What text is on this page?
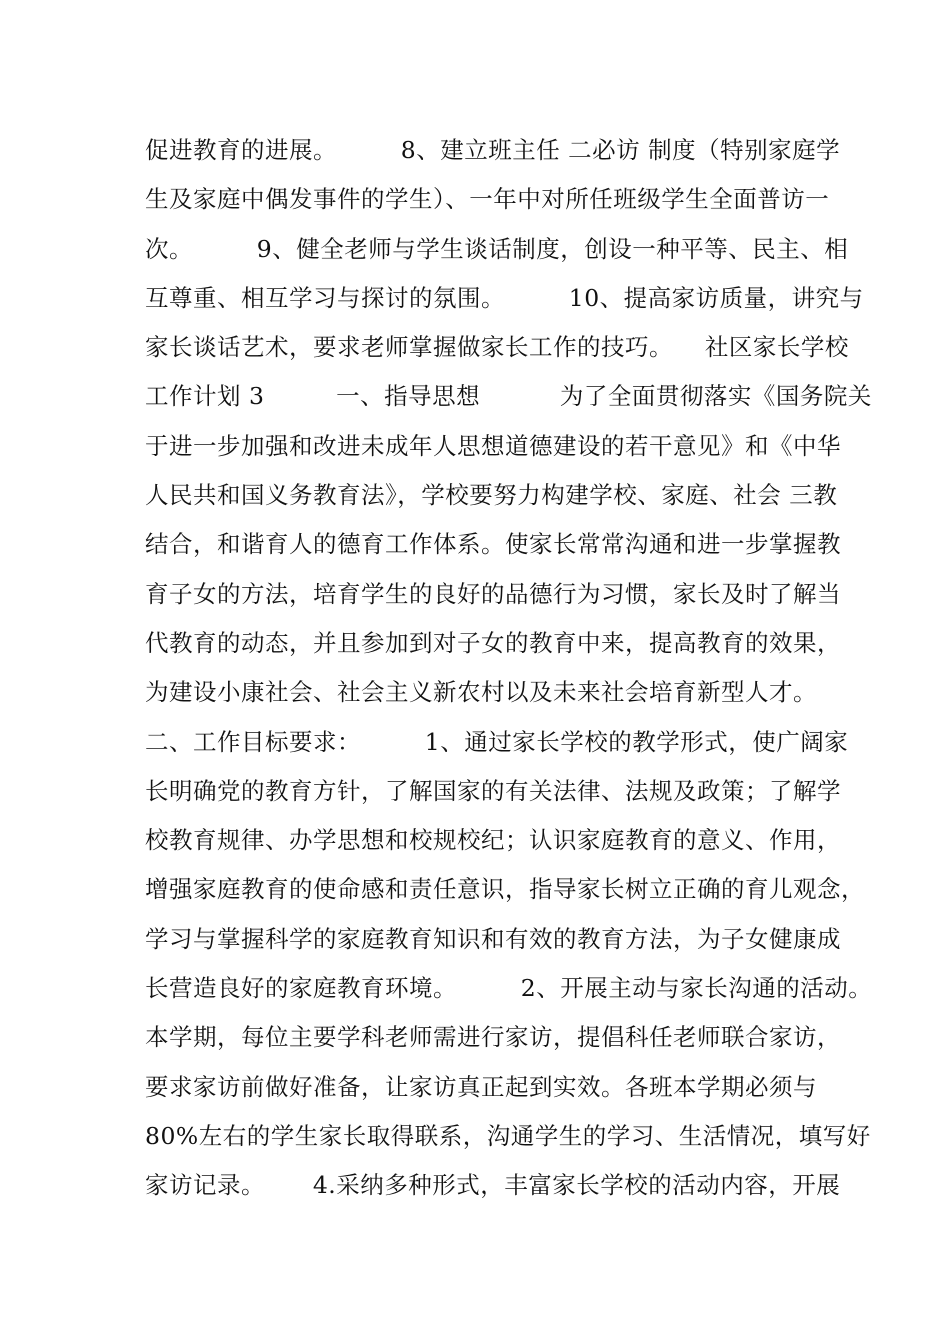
促进教育的进展。        8、建立班主任 二必访 制度（特别家庭学
生及家庭中偶发事件的学生）、一年中对所任班级学生全面普访一
次。        9、健全老师与学生谈话制度，创设一种平等、民主、相
互尊重、相互学习与探讨的氛围。        10、提高家访质量，讲究与
家长谈话艺术，要求老师掌握做家长工作的技巧。    社区家长学校
工作计划 3         一、指导思想          为了全面贯彻落实《国务院关
于进一步加强和改进未成年人思想道德建设的若干意见》和《中华
人民共和国义务教育法》，学校要努力构建学校、家庭、社会 三教
结合，和谐育人的德育工作体系。使家长常常沟通和进一步掌握教
育子女的方法，培育学生的良好的品德行为习惯，家长及时了解当
代教育的动态，并且参加到对子女的教育中来，提高教育的效果，
为建设小康社会、社会主义新农村以及未来社会培育新型人才。
二、工作目标要求：        1、通过家长学校的教学形式，使广阔家
长明确党的教育方针，了解国家的有关法律、法规及政策；了解学
校教育规律、办学思想和校规校纪；认识家庭教育的意义、作用，
增强家庭教育的使命感和责任意识，指导家长树立正确的育儿观念，
学习与掌握科学的家庭教育知识和有效的教育方法，为子女健康成
长营造良好的家庭教育环境。        2、开展主动与家长沟通的活动。
本学期，每位主要学科老师需进行家访，提倡科任老师联合家访，
要求家访前做好准备，让家访真正起到实效。各班本学期必须与
80%左右的学生家长取得联系，沟通学生的学习、生活情况，填写好
家访记录。      4.采纳多种形式，丰富家长学校的活动内容，开展
